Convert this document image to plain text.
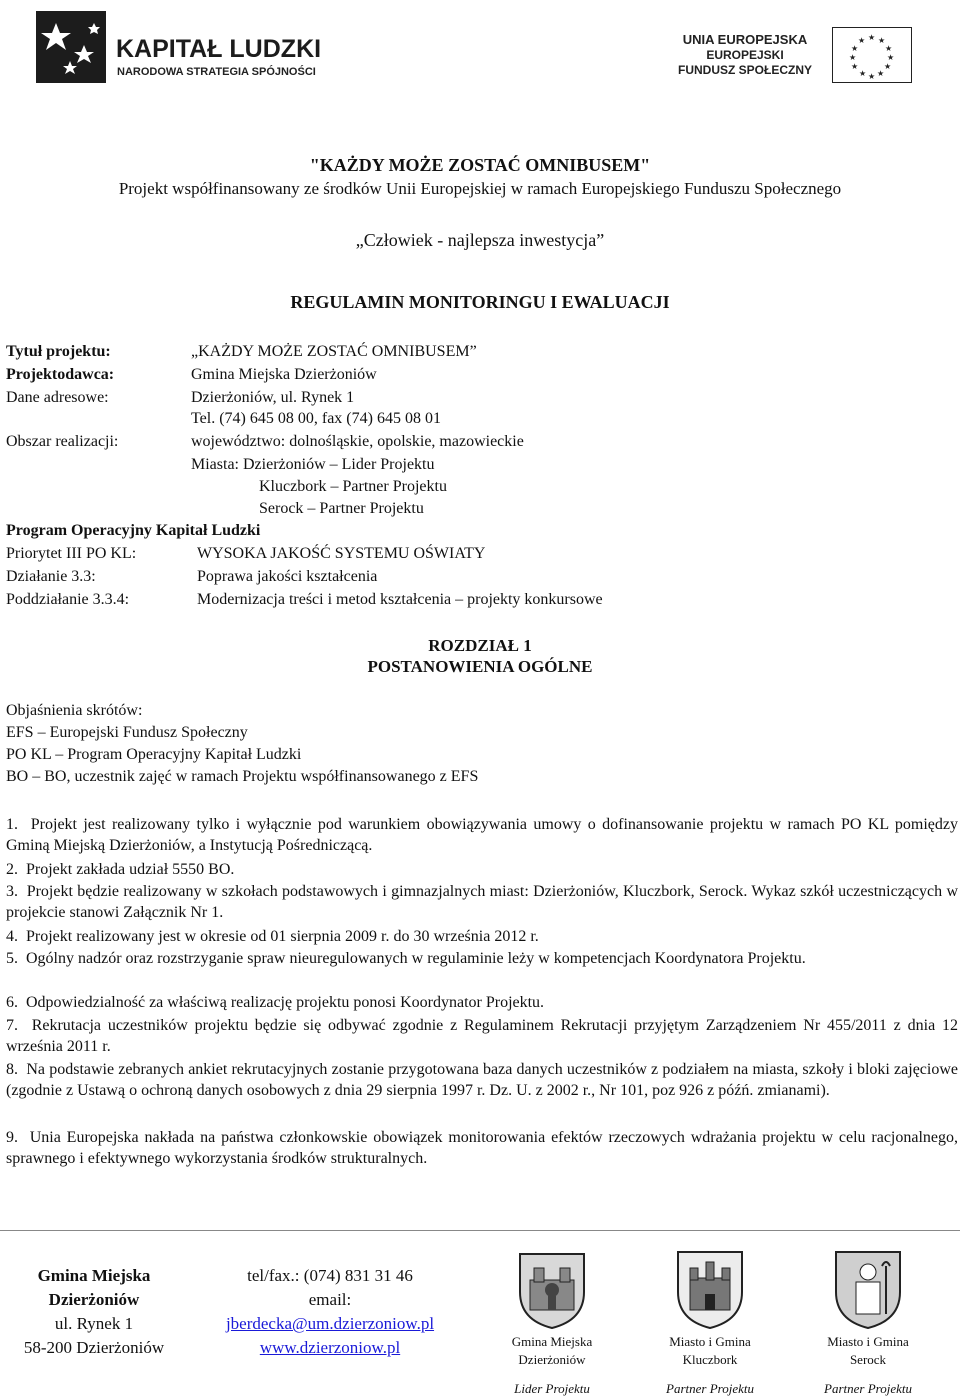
KAPITAŁ LUDZKI
NARODOWA STRATEGIA SPÓJNOŚCI
UNIA EUROPEJSKA
EUROPEJSKI
FUNDUSZ SPOŁECZNY
★ ★
★
★
★
★
★
★
★
★
★
★
"KAŻDY MOŻE ZOSTAĆ OMNIBUSEM"
Projekt współfinansowany ze środków Unii Europejskiej w ramach Europejskiego Funduszu Społecznego
„Człowiek - najlepsza inwestycja”
REGULAMIN MONITORINGU I EWALUACJI
Tytuł projektu:	„KAŻDY MOŻE ZOSTAĆ OMNIBUSEM”
Projektodawca:	Gmina Miejska Dzierżoniów
Dane adresowe:	Dzierżoniów, ul. Rynek 1
Tel. (74) 645 08 00, fax (74) 645 08 01
Obszar realizacji:	województwo: dolnośląskie, opolskie, mazowieckie
Miasta: Dzierżoniów – Lider Projektu
Kluczbork – Partner Projektu
Serock – Partner Projektu
Program Operacyjny Kapitał Ludzki
Priorytet III PO KL:	WYSOKA JAKOŚĆ SYSTEMU OŚWIATY
Działanie 3.3:	Poprawa jakości kształcenia
Poddziałanie 3.3.4:	Modernizacja treści i metod kształcenia – projekty konkursowe
ROZDZIAŁ 1
POSTANOWIENIA OGÓLNE
Objaśnienia skrótów:
EFS – Europejski Fundusz Społeczny
PO KL – Program Operacyjny Kapitał Ludzki
BO – BO, uczestnik zajęć w ramach Projektu współfinansowanego z EFS
1. Projekt jest realizowany tylko i wyłącznie pod warunkiem obowiązywania umowy o dofinansowanie projektu w ramach PO KL pomiędzy Gminą Miejską Dzierżoniów, a Instytucją Pośredniczącą.
2. Projekt zakłada udział 5550 BO.
3. Projekt będzie realizowany w szkołach podstawowych i gimnazjalnych miast: Dzierżoniów, Kluczbork, Serock. Wykaz szkół uczestniczących w projekcie stanowi Załącznik Nr 1.
4. Projekt realizowany jest w okresie od 01 sierpnia 2009 r. do 30 września 2012 r.
5. Ogólny nadzór oraz rozstrzyganie spraw nieuregulowanych w regulaminie leży w kompetencjach Koordynatora Projektu.
6. Odpowiedzialność za właściwą realizację projektu ponosi Koordynator Projektu.
7. Rekrutacja uczestników projektu będzie się odbywać zgodnie z Regulaminem Rekrutacji przyjętym Zarządzeniem Nr 455/2011 z dnia 12 września 2011 r.
8. Na podstawie zebranych ankiet rekrutacyjnych zostanie przygotowana baza danych uczestników z podziałem na miasta, szkoły i bloki zajęciowe (zgodnie z Ustawą o ochroną danych osobowych z dnia 29 sierpnia 1997 r. Dz. U. z 2002 r., Nr 101, poz 926 z późń. zmianami).
9. Unia Europejska nakłada na państwa członkowskie obowiązek monitorowania efektów rzeczowych wdrażania projektu w celu racjonalnego, sprawnego i efektywnego wykorzystania środków strukturalnych.
Gmina Miejska
Dzierżoniów
ul. Rynek 1
58-200 Dzierżoniów
tel/fax.: (074) 831 31 46
email:
jberdecka@um.dzierzoniow.pl
www.dzierzoniow.pl	Gmina Miejska
Dzierżoniów
Lider Projektu
Miasto i Gmina
Kluczbork
Partner Projektu
Miasto i Gmina
Serock
Partner Projektu
